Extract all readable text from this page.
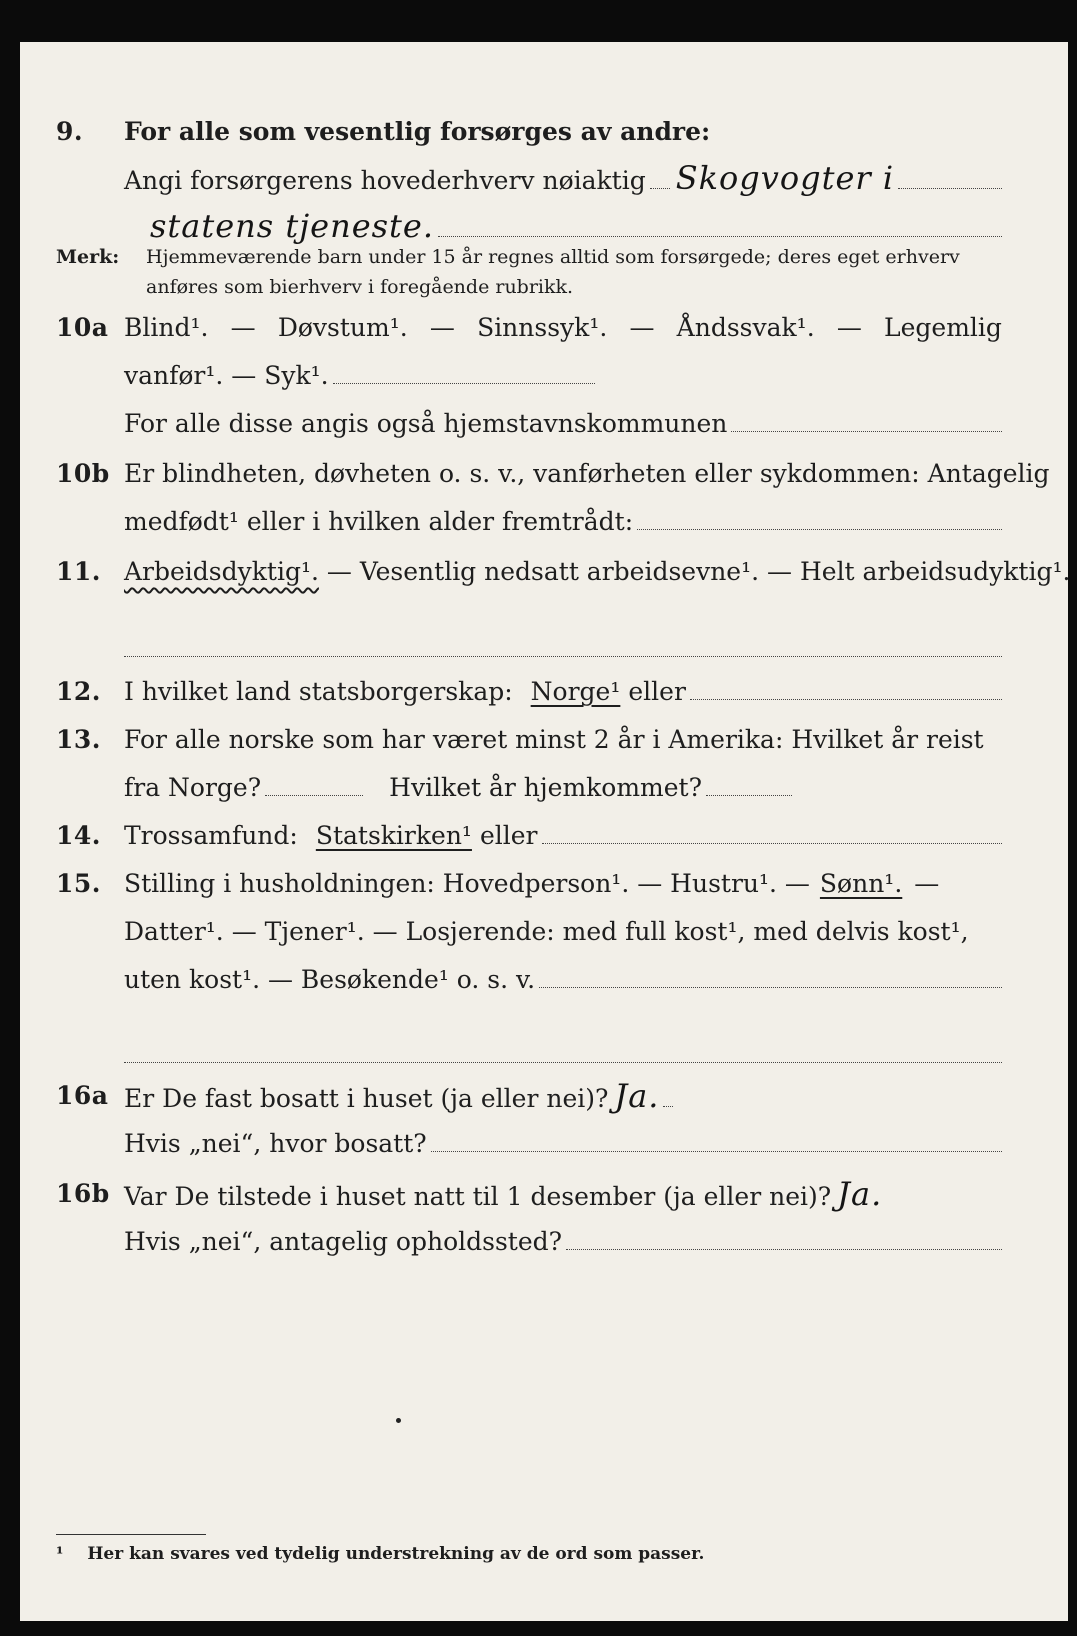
9. For alle som vesentlig forsørges av andre:
Angi forsørgerens hovederhverv nøiaktig Skogvogter i
statens tjeneste.
Merk: Hjemmeværende barn under 15 år regnes alltid som forsørgede; deres eget erhverv
anføres som bierhverv i foregående rubrikk.
10a Blind¹. — Døvstum¹. — Sinnssyk¹. — Åndssvak¹. — Legemlig
vanfør¹. — Syk¹.
For alle disse angis også hjemstavnskommunen
10b Er blindheten, døvheten o. s. v., vanførheten eller sykdommen: Antagelig
medfødt¹ eller i hvilken alder fremtrådt:
11. Arbeidsdyktig¹. — Vesentlig nedsatt arbeidsevne¹. — Helt arbeidsudyktig¹.
12. I hvilket land statsborgerskap: Norge¹ eller
13. For alle norske som har været minst 2 år i Amerika: Hvilket år reist
fra Norge?	Hvilket år hjemkommet?
14. Trossamfund: Statskirken¹ eller
15. Stilling i husholdningen: Hovedperson¹. — Hustru¹. — Sønn¹. —
Datter¹. — Tjener¹. — Losjerende: med full kost¹, med delvis kost¹,
uten kost¹. — Besøkende¹ o. s. v.
16a Er De fast bosatt i huset (ja eller nei)? Ja.
Hvis „nei“, hvor bosatt?
16b Var De tilstede i huset natt til 1 desember (ja eller nei)? Ja.
Hvis „nei“, antagelig opholdssted?
¹ Her kan svares ved tydelig understrekning av de ord som passer.
